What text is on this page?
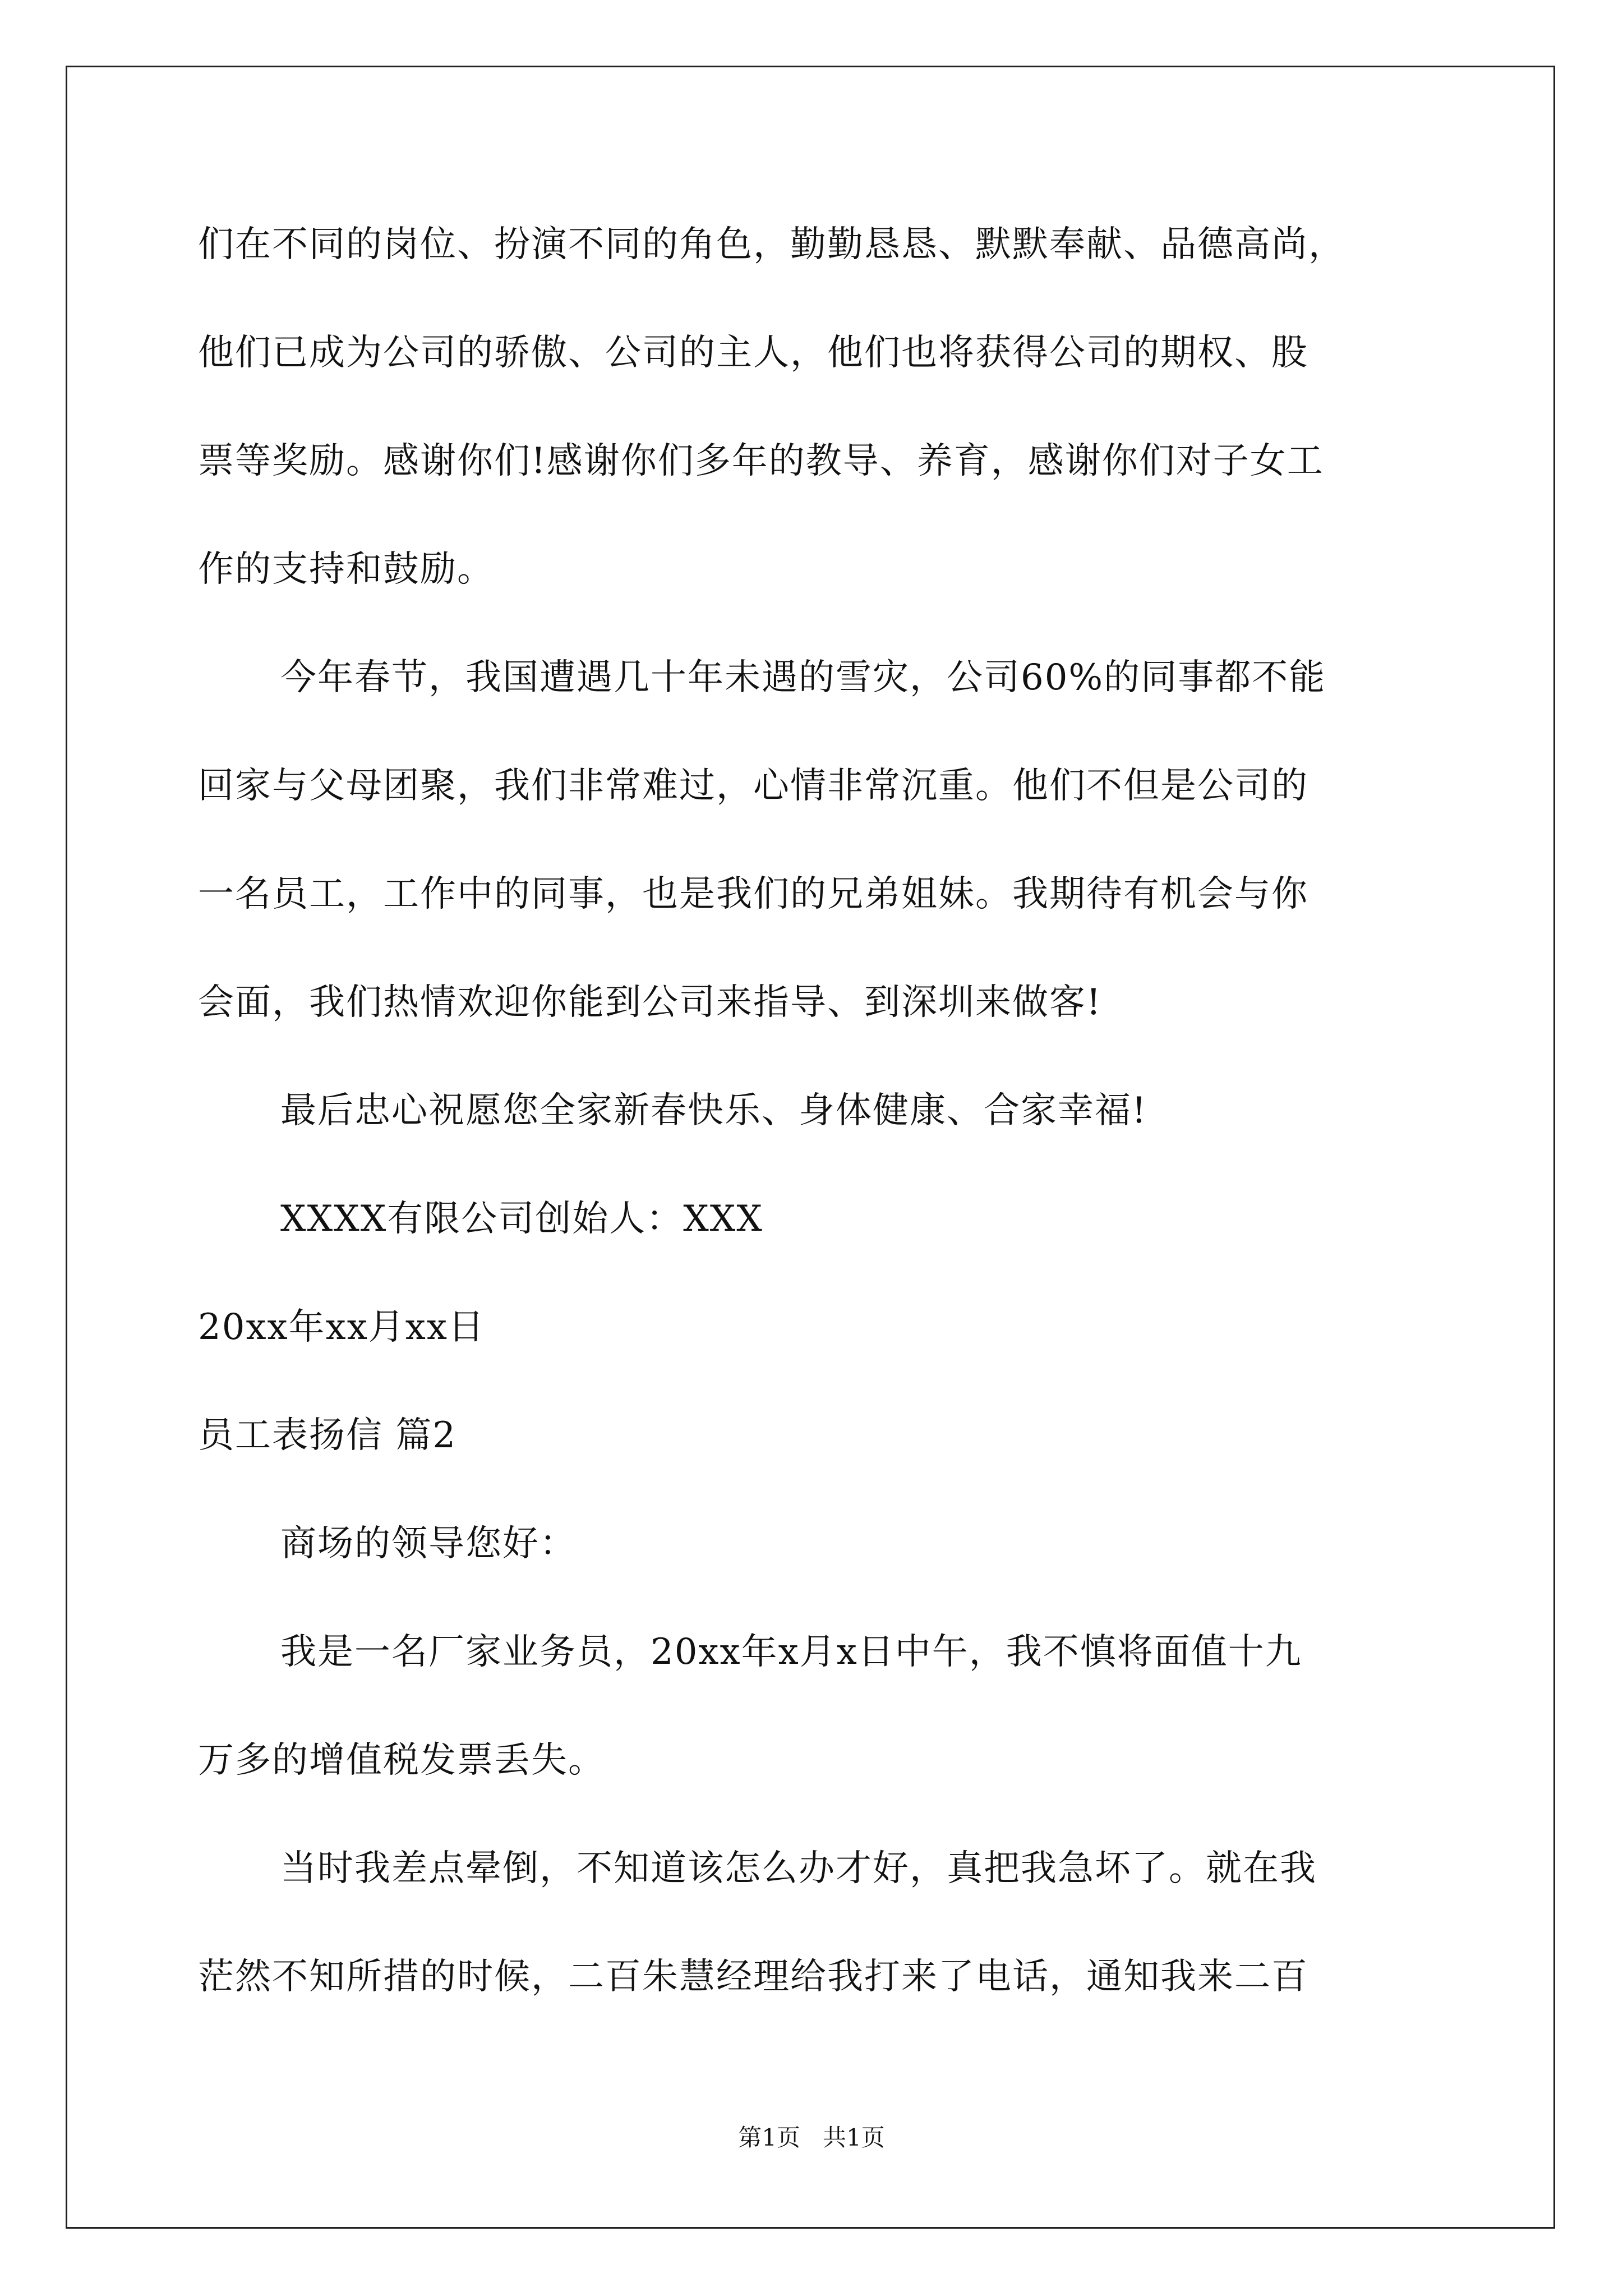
们在不同的岗位、扮演不同的角色，勤勤恳恳、默默奉献、品德高尚，
他们已成为公司的骄傲、公司的主人，他们也将获得公司的期权、股
票等奖励。感谢你们!感谢你们多年的教导、养育，感谢你们对子女工
作的支持和鼓励。
今年春节，我国遭遇几十年未遇的雪灾，公司60%的同事都不能
回家与父母团聚，我们非常难过，心情非常沉重。他们不但是公司的
一名员工，工作中的同事，也是我们的兄弟姐妹。我期待有机会与你
会面，我们热情欢迎你能到公司来指导、到深圳来做客!
最后忠心祝愿您全家新春快乐、身体健康、合家幸福!
XXXX有限公司创始人：XXX
20xx年xx月xx日
员工表扬信 篇2
商场的领导您好：
我是一名厂家业务员，20xx年x月x日中午，我不慎将面值十九
万多的增值税发票丢失。
当时我差点晕倒，不知道该怎么办才好，真把我急坏了。就在我
茫然不知所措的时候，二百朱慧经理给我打来了电话，通知我来二百
第1页   共1页
